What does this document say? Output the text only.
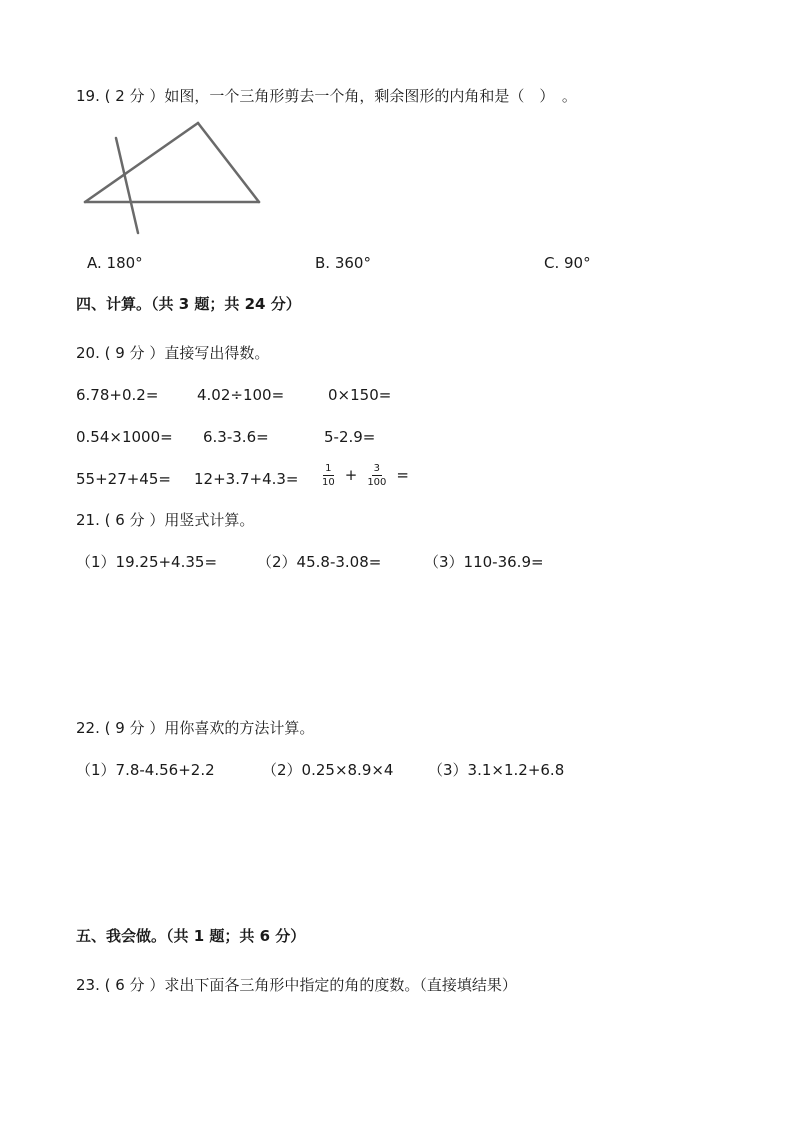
19. ( 2 分 ）如图，一个三角形剪去一个角，剩余图形的内角和是（　）　。
A. 180°	B. 360°	C. 90°
四、计算。（共 3 题；共 24 分）
20. ( 9 分 ）直接写出得数。
6.78+0.2=	4.02÷100=	0×150=
0.54×1000= 6.3-3.6=	5-2.9=
$55+27+45= 12+3.7+4.3= \frac{1}{10} + \frac{3}{100}$ =
21. ( 6 分 ）用竖式计算。
（1）19.25+4.35=	（2）45.8-3.08=	（3）110-36.9=
22. ( 9 分 ）用你喜欢的方法计算。
（1）7.8-4.56+2.2	（2）0.25×8.9×4 （3）3.1×1.2+6.8
五、我会做。（共 1 题；共 6 分）
23. ( 6 分 ）求出下面各三角形中指定的角的度数。（直接填结果）
